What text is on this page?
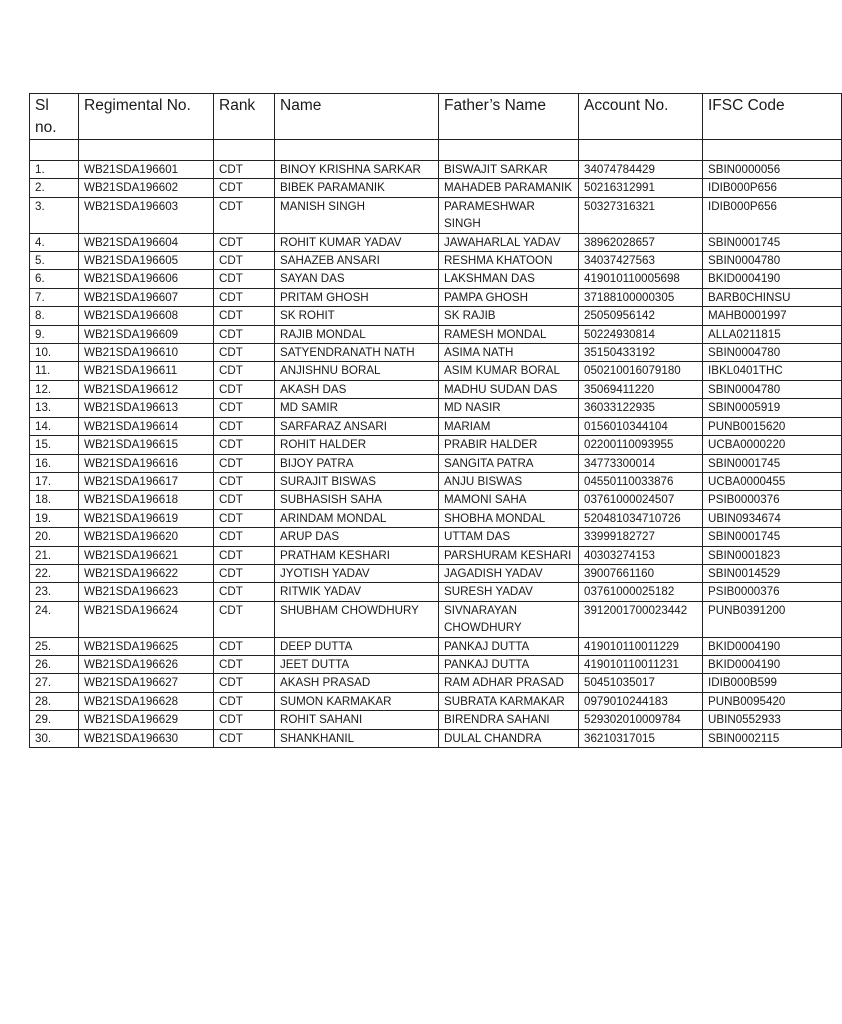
Sl no.	Regimental No.	Rank	Name	Father’s Name	Account No.	IFSC Code

1.	WB21SDA196601	CDT	BINOY KRISHNA SARKAR	BISWAJIT SARKAR	34074784429	SBIN0000056
2.	WB21SDA196602	CDT	BIBEK PARAMANIK	MAHADEB PARAMANIK	50216312991	IDIB000P656
3.	WB21SDA196603	CDT	MANISH SINGH	PARAMESHWAR SINGH	50327316321	IDIB000P656
4.	WB21SDA196604	CDT	ROHIT KUMAR YADAV	JAWAHARLAL YADAV	38962028657	SBIN0001745
5.	WB21SDA196605	CDT	SAHAZEB ANSARI	RESHMA KHATOON	34037427563	SBIN0004780
6.	WB21SDA196606	CDT	SAYAN DAS	LAKSHMAN DAS	419010110005698	BKID0004190
7.	WB21SDA196607	CDT	PRITAM GHOSH	PAMPA GHOSH	37188100000305	BARB0CHINSU
8.	WB21SDA196608	CDT	SK ROHIT	SK RAJIB	25050956142	MAHB0001997
9.	WB21SDA196609	CDT	RAJIB MONDAL	RAMESH MONDAL	50224930814	ALLA0211815
10.	WB21SDA196610	CDT	SATYENDRANATH NATH	ASIMA NATH	35150433192	SBIN0004780
11.	WB21SDA196611	CDT	ANJISHNU BORAL	ASIM KUMAR BORAL	050210016079180	IBKL0401THC
12.	WB21SDA196612	CDT	AKASH DAS	MADHU SUDAN DAS	35069411220	SBIN0004780
13.	WB21SDA196613	CDT	MD SAMIR	MD NASIR	36033122935	SBIN0005919
14.	WB21SDA196614	CDT	SARFARAZ ANSARI	MARIAM	0156010344104	PUNB0015620
15.	WB21SDA196615	CDT	ROHIT HALDER	PRABIR HALDER	02200110093955	UCBA0000220
16.	WB21SDA196616	CDT	BIJOY PATRA	SANGITA PATRA	34773300014	SBIN0001745
17.	WB21SDA196617	CDT	SURAJIT BISWAS	ANJU BISWAS	04550110033876	UCBA0000455
18.	WB21SDA196618	CDT	SUBHASISH SAHA	MAMONI SAHA	03761000024507	PSIB0000376
19.	WB21SDA196619	CDT	ARINDAM MONDAL	SHOBHA MONDAL	520481034710726	UBIN0934674
20.	WB21SDA196620	CDT	ARUP DAS	UTTAM DAS	33999182727	SBIN0001745
21.	WB21SDA196621	CDT	PRATHAM KESHARI	PARSHURAM KESHARI	40303274153	SBIN0001823
22.	WB21SDA196622	CDT	JYOTISH YADAV	JAGADISH YADAV	39007661160	SBIN0014529
23.	WB21SDA196623	CDT	RITWIK YADAV	SURESH YADAV	03761000025182	PSIB0000376
24.	WB21SDA196624	CDT	SHUBHAM CHOWDHURY	SIVNARAYAN CHOWDHURY	3912001700023442	PUNB0391200
25.	WB21SDA196625	CDT	DEEP DUTTA	PANKAJ DUTTA	419010110011229	BKID0004190
26.	WB21SDA196626	CDT	JEET DUTTA	PANKAJ DUTTA	419010110011231	BKID0004190
27.	WB21SDA196627	CDT	AKASH PRASAD	RAM ADHAR PRASAD	50451035017	IDIB000B599
28.	WB21SDA196628	CDT	SUMON KARMAKAR	SUBRATA KARMAKAR	0979010244183	PUNB0095420
29.	WB21SDA196629	CDT	ROHIT SAHANI	BIRENDRA SAHANI	529302010009784	UBIN0552933
30.	WB21SDA196630	CDT	SHANKHANIL	DULAL CHANDRA	36210317015	SBIN0002115
